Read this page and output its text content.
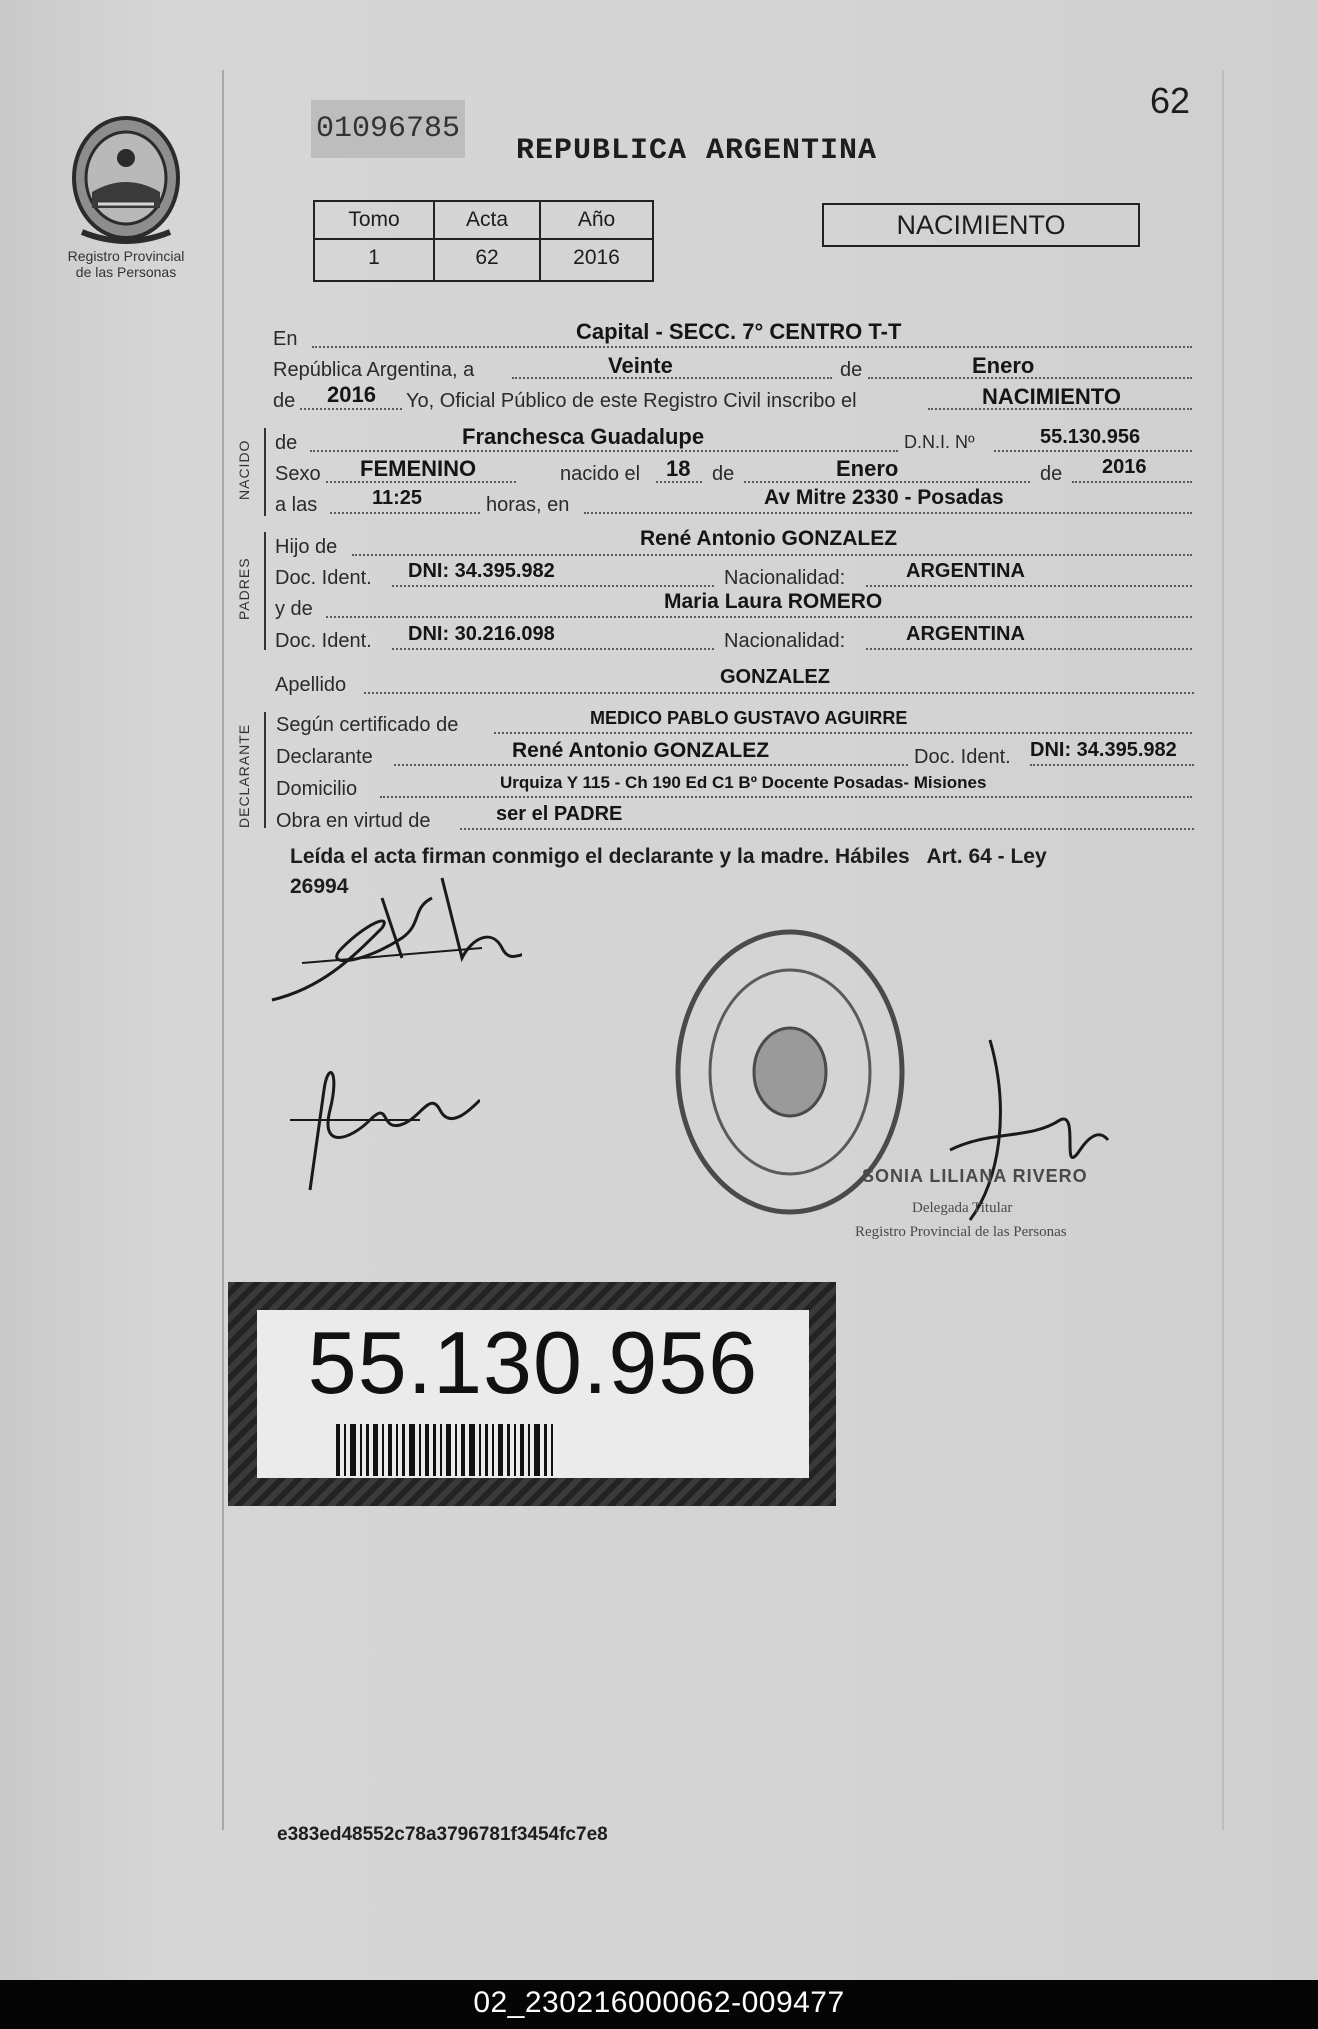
Registro Provincial
de las Personas
01096785
REPUBLICA ARGENTINA
62
Tomo	Acta	Año
1	62	2016
NACIMIENTO
NACIDO
PADRES
DECLARANTE
En	Capital - SECC. 7° CENTRO T-T
República Argentina, a	Veinte	de	Enero
de 2016 Yo, Oficial Público de este Registro Civil inscribo el	NACIMIENTO
de	Franchesca Guadalupe	D.N.I. Nº	55.130.956
Sexo FEMENINO	nacido el 18 de	Enero	de 2016
a las	11:25	horas, en	Av Mitre 2330 - Posadas
Hijo de	René Antonio GONZALEZ
Doc. Ident. DNI: 34.395.982	Nacionalidad:	ARGENTINA
y de	Maria Laura ROMERO
Doc. Ident. DNI: 30.216.098	Nacionalidad:	ARGENTINA
Apellido	GONZALEZ
Según certificado de	MEDICO PABLO GUSTAVO AGUIRRE
Declarante	René Antonio GONZALEZ	Doc. Ident. DNI: 34.395.982
Domicilio	Urquiza Y 115 - Ch 190 Ed C1 Bº Docente Posadas- Misiones
Obra en virtud de	ser el PADRE
Leída el acta firman conmigo el declarante y la madre. Hábiles   Art. 64 - Ley
26994
SONIA LILIANA RIVERO
Delegada Titular
Registro Provincial de las Personas
55.130.956
e383ed48552c78a3796781f3454fc7e8
02_230216000062-009477
